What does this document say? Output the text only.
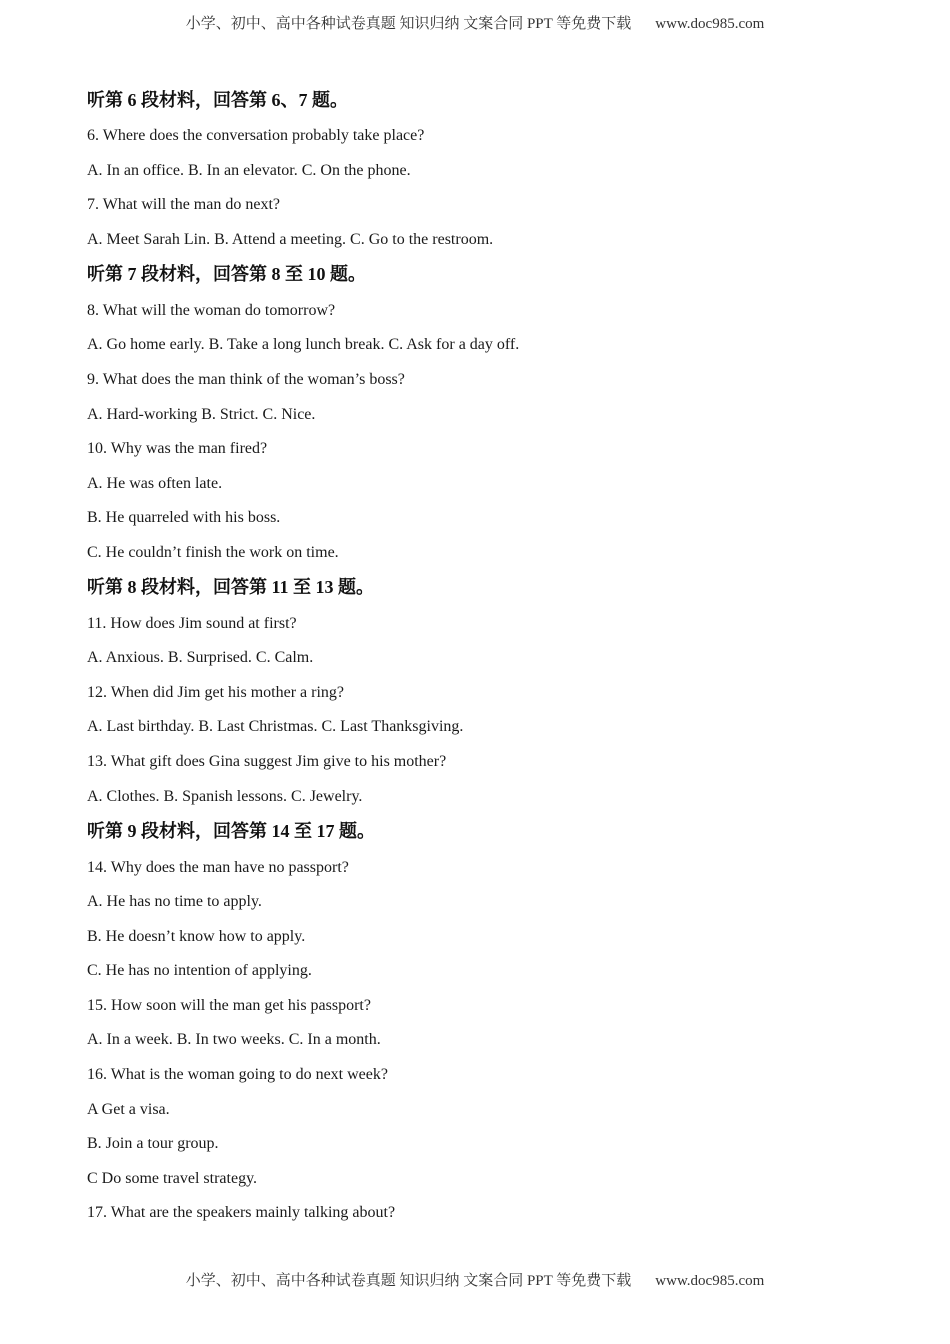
小学、初中、高中各种试卷真题 知识归纳 文案合同 PPT 等免费下载 www.doc985.com
听第 6 段材料，回答第 6、7 题。
6. Where does the conversation probably take place?
A. In an office. B. In an elevator. C. On the phone.
7. What will the man do next?
A. Meet Sarah Lin. B. Attend a meeting. C. Go to the restroom.
听第 7 段材料，回答第 8 至 10 题。
8. What will the woman do tomorrow?
A. Go home early. B. Take a long lunch break. C. Ask for a day off.
9. What does the man think of the woman’s boss?
A. Hard-working B. Strict. C. Nice.
10. Why was the man fired?
A. He was often late.
B. He quarreled with his boss.
C. He couldn’t finish the work on time.
听第 8 段材料，回答第 11 至 13 题。
11. How does Jim sound at first?
A. Anxious. B. Surprised. C. Calm.
12. When did Jim get his mother a ring?
A. Last birthday. B. Last Christmas. C. Last Thanksgiving.
13. What gift does Gina suggest Jim give to his mother?
A. Clothes. B. Spanish lessons. C. Jewelry.
听第 9 段材料，回答第 14 至 17 题。
14. Why does the man have no passport?
A. He has no time to apply.
B. He doesn’t know how to apply.
C. He has no intention of applying.
15. How soon will the man get his passport?
A. In a week. B. In two weeks. C. In a month.
16. What is the woman going to do next week?
A Get a visa.
B. Join a tour group.
C Do some travel strategy.
17. What are the speakers mainly talking about?
小学、初中、高中各种试卷真题 知识归纳 文案合同 PPT 等免费下载 www.doc985.com
